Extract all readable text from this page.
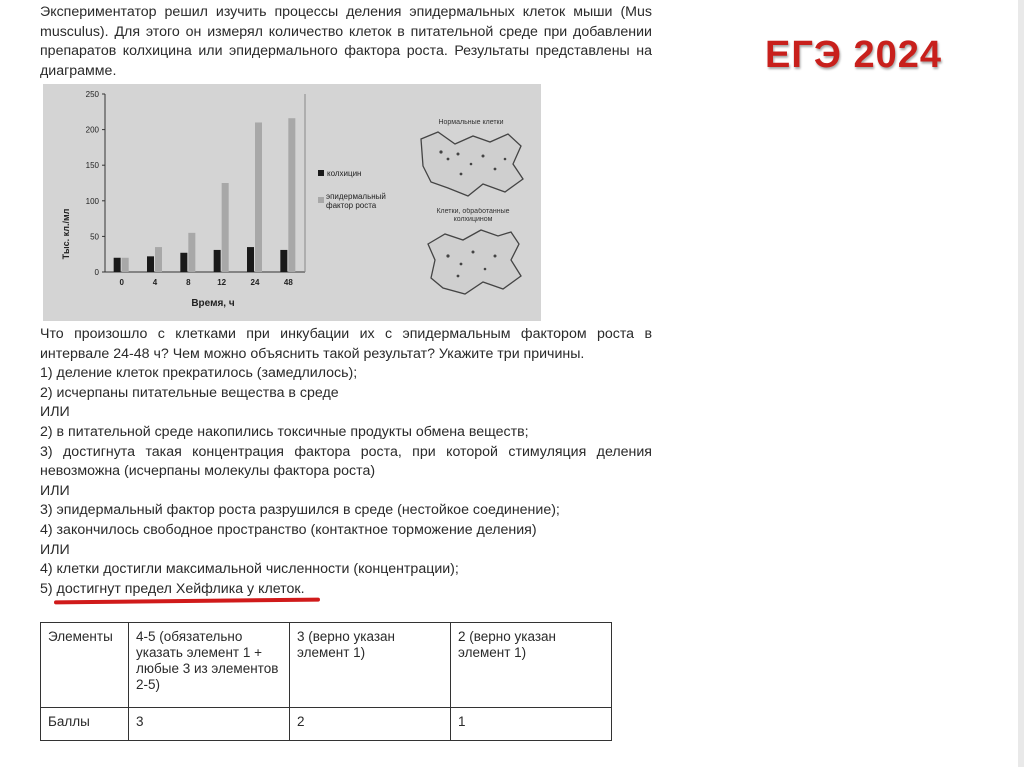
Экспериментатор решил изучить процессы деления эпидермальных клеток мыши (Mus musculus). Для этого он измерял количество клеток в питательной среде при добавлении препаратов колхицина или эпидермального фактора роста. Результаты представлены на диаграмме.	ЕГЭ 2024
0
50
100
150
200
250
0	4	8	12	24	48
Тыс. кл./мл
Время, ч
колхицин
эпидермальный фактор роста
Нормальные клетки
Клетки, обработанные колхицином
Что произошло с клетками при инкубации их с эпидермальным фактором роста в интервале 24-48 ч? Чем можно объяснить такой результат? Укажите три причины.
1) деление клеток прекратилось (замедлилось);
2) исчерпаны питательные вещества в среде
ИЛИ
2) в питательной среде накопились токсичные продукты обмена веществ;
3) достигнута такая концентрация фактора роста, при которой стимуляция деления невозможна (исчерпаны молекулы фактора роста)
ИЛИ
3) эпидермальный фактор роста разрушился в среде (нестойкое соединение);
4) закончилось свободное пространство (контактное торможение деления)
ИЛИ
4) клетки достигли максимальной численности (концентрации);
5) достигнут предел Хейфлика у клеток.
Элементы	4-5 (обязательно указать элемент 1 + любые 3 из элементов 2-5)	3 (верно указан элемент 1)	2 (верно указан элемент 1)
Баллы	3	2	1
